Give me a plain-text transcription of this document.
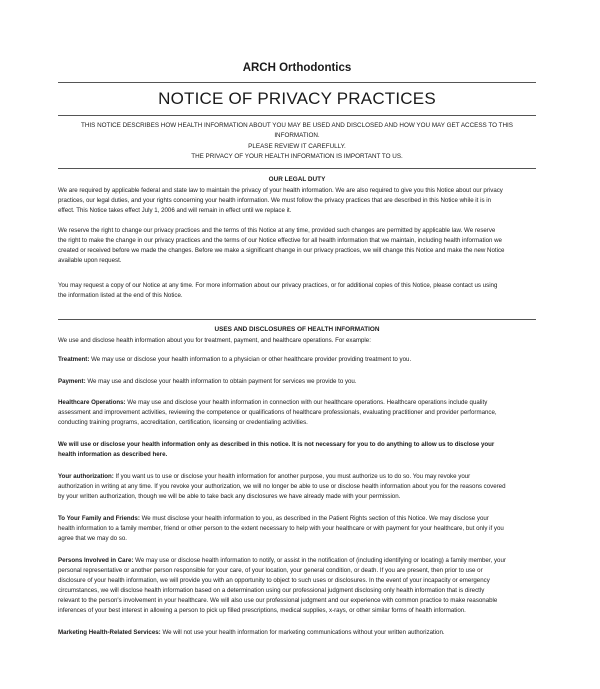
ARCH Orthodontics
NOTICE OF PRIVACY PRACTICES
THIS NOTICE DESCRIBES HOW HEALTH INFORMATION ABOUT YOU MAY BE USED AND DISCLOSED AND HOW YOU MAY GET ACCESS TO THIS
INFORMATION.
PLEASE REVIEW IT CAREFULLY.
THE PRIVACY OF YOUR HEALTH INFORMATION IS IMPORTANT TO US.
OUR LEGAL DUTY
We are required by applicable federal and state law to maintain the privacy of your health information. We are also required to give you this Notice about our privacy
practices, our legal duties, and your rights concerning your health information. We must follow the privacy practices that are described in this Notice while it is in
effect. This Notice takes effect July 1, 2006 and will remain in effect until we replace it.
We reserve the right to change our privacy practices and the terms of this Notice at any time, provided such changes are permitted by applicable law. We reserve
the right to make the change in our privacy practices and the terms of our Notice effective for all health information that we maintain, including health information we
created or received before we made the changes. Before we make a significant change in our privacy practices, we will change this Notice and make the new Notice
available upon request.
You may request a copy of our Notice at any time. For more information about our privacy practices, or for additional copies of this Notice, please contact us using
the information listed at the end of this Notice.
USES AND DISCLOSURES OF HEALTH INFORMATION
We use and disclose health information about you for treatment, payment, and healthcare operations. For example:
Treatment: We may use or disclose your health information to a physician or other healthcare provider providing treatment to you.
Payment: We may use and disclose your health information to obtain payment for services we provide to you.
Healthcare Operations: We may use and disclose your health information in connection with our healthcare operations. Healthcare operations include quality
assessment and improvement activities, reviewing the competence or qualifications of healthcare professionals, evaluating practitioner and provider performance,
conducting training programs, accreditation, certification, licensing or credentialing activities.
We will use or disclose your health information only as described in this notice. It is not necessary for you to do anything to allow us to disclose your
health information as described here.
Your authorization: If you want us to use or disclose your health information for another purpose, you must authorize us to do so. You may revoke your
authorization in writing at any time. If you revoke your authorization, we will no longer be able to use or disclose health information about you for the reasons covered
by your written authorization, though we will be able to take back any disclosures we have already made with your permission.
To Your Family and Friends: We must disclose your health information to you, as described in the Patient Rights section of this Notice. We may disclose your
health information to a family member, friend or other person to the extent necessary to help with your healthcare or with payment for your healthcare, but only if you
agree that we may do so.
Persons Involved in Care: We may use or disclose health information to notify, or assist in the notification of (including identifying or locating) a family member, your
personal representative or another person responsible for your care, of your location, your general condition, or death. If you are present, then prior to use or
disclosure of your health information, we will provide you with an opportunity to object to such uses or disclosures. In the event of your incapacity or emergency
circumstances, we will disclose health information based on a determination using our professional judgment disclosing only health information that is directly
relevant to the person's involvement in your healthcare. We will also use our professional judgment and our experience with common practice to make reasonable
inferences of your best interest in allowing a person to pick up filled prescriptions, medical supplies, x-rays, or other similar forms of health information.
Marketing Health-Related Services: We will not use your health information for marketing communications without your written authorization.
